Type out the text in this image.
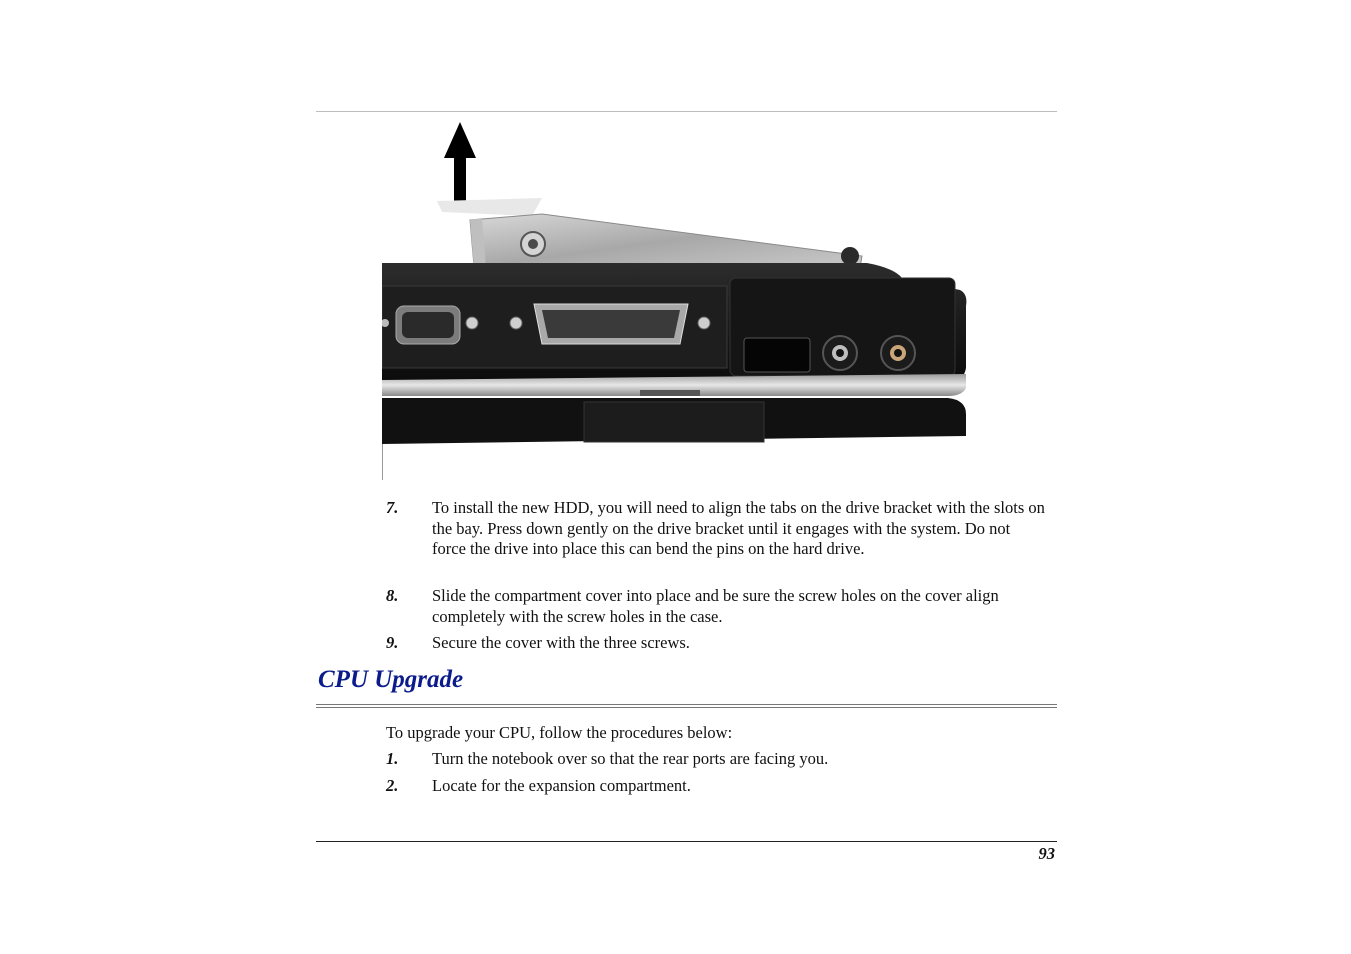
7. To install the new HDD, you will need to align the tabs on the drive bracket with the slots on the bay. Press down gently on the drive bracket until it engages with the system. Do not force the drive into place this can bend the pins on the hard drive.
8. Slide the compartment cover into place and be sure the screw holes on the cover align completely with the screw holes in the case.
9. Secure the cover with the three screws.
CPU Upgrade
To upgrade your CPU, follow the procedures below:
1. Turn the notebook over so that the rear ports are facing you.
2. Locate for the expansion compartment.
93
